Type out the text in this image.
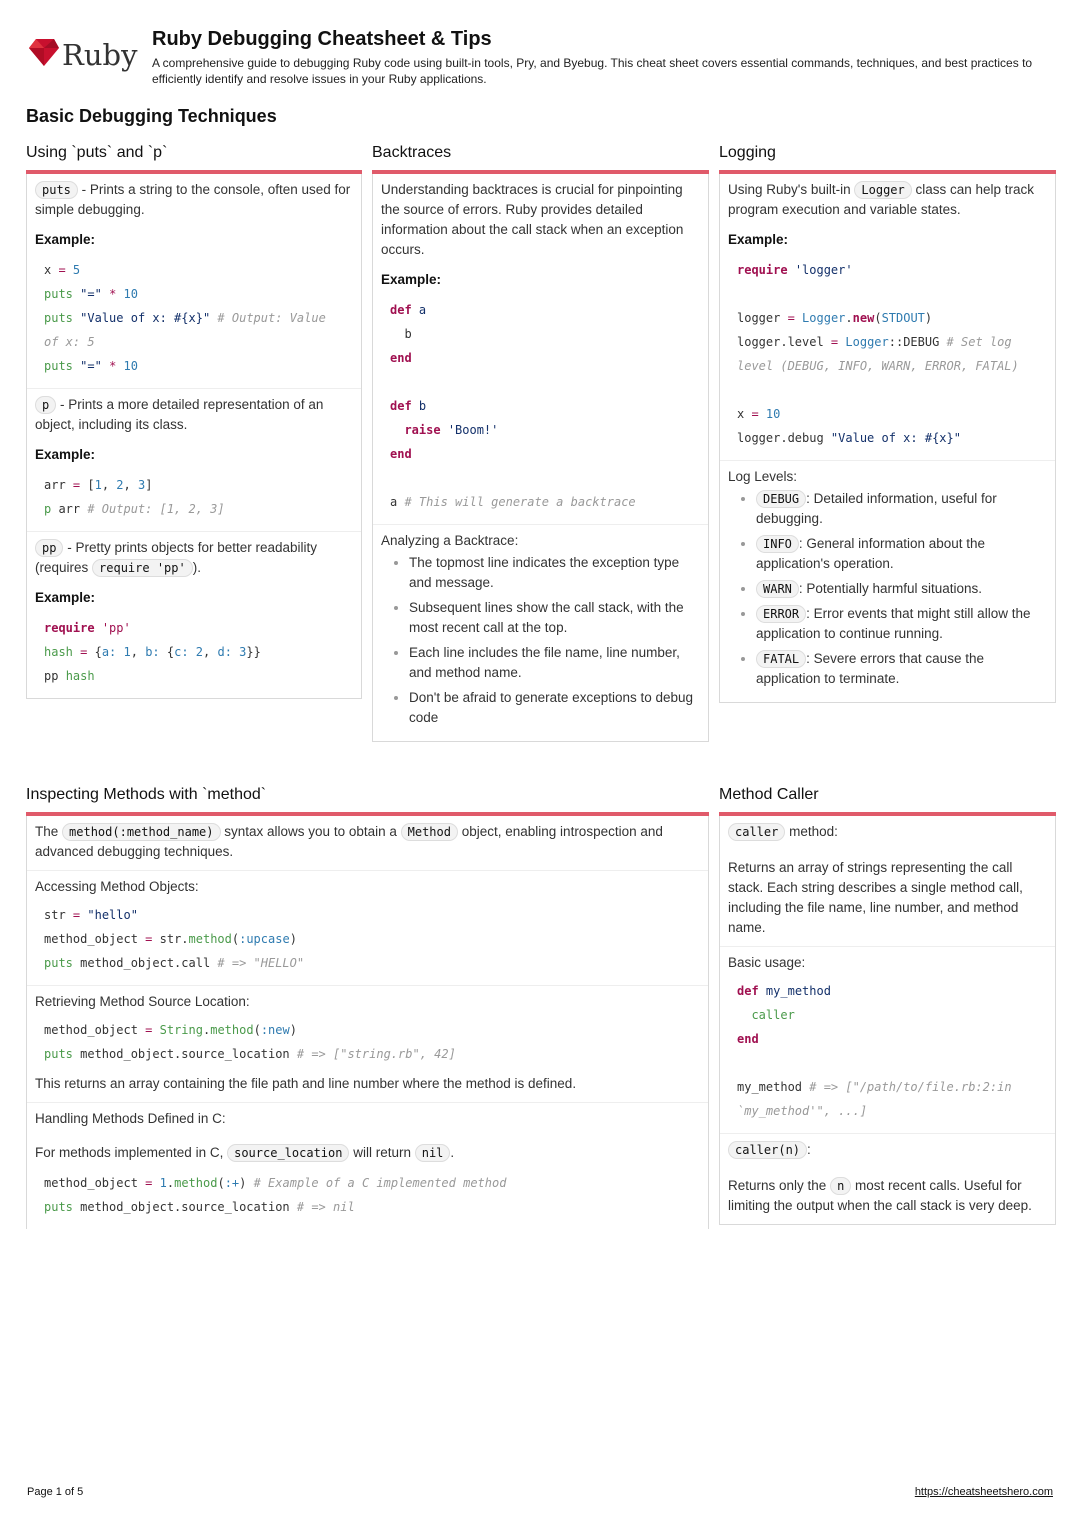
Ruby Ruby Debugging Cheatsheet & Tips
A comprehensive guide to debugging Ruby code using built-in tools, Pry, and Byebug. This cheat sheet covers essential commands, techniques, and best practices to efficiently identify and resolve issues in your Ruby applications.
Basic Debugging Techniques
Using `puts` and `p`
puts - Prints a string to the console, often used for simple debugging.
Example:
x = 5
puts "=" * 10
puts "Value of x: #{x}" # Output: Value
of x: 5
puts "=" * 10
p - Prints a more detailed representation of an object, including its class.
Example:
arr = [1, 2, 3]
p arr # Output: [1, 2, 3]
pp - Pretty prints objects for better readability (requires require 'pp' ).
Example:
require 'pp'
hash = {a: 1, b: {c: 2, d: 3}}
pp hash
Backtraces
Understanding backtraces is crucial for pinpointing the source of errors. Ruby provides detailed information about the call stack when an exception occurs.
Example:
def a
b
end

def b
raise 'Boom!'
end

a # This will generate a backtrace
Analyzing a Backtrace:
• The topmost line indicates the exception type and message.
• Subsequent lines show the call stack, with the most recent call at the top.
• Each line includes the file name, line number, and method name.
• Don't be afraid to generate exceptions to debug code
Logging
Using Ruby's built-in Logger class can help track program execution and variable states.
Example:
require 'logger'

logger = Logger.new(STDOUT)
logger.level = Logger::DEBUG # Set log
level (DEBUG, INFO, WARN, ERROR, FATAL)

x = 10
logger.debug "Value of x: #{x}"
Log Levels:
• DEBUG : Detailed information, useful for debugging.
• INFO : General information about the application's operation.
• WARN : Potentially harmful situations.
• ERROR : Error events that might still allow the application to continue running.
• FATAL : Severe errors that cause the application to terminate.
Inspecting Methods with `method`
The method(:method_name) syntax allows you to obtain a Method object, enabling introspection and advanced debugging techniques.
Accessing Method Objects:
str = "hello"
method_object = str.method(:upcase)
puts method_object.call # => "HELLO"
Retrieving Method Source Location:
method_object = String.method(:new)
puts method_object.source_location # => ["string.rb", 42]

This returns an array containing the file path and line number where the method is defined.
Handling Methods Defined in C:
For methods implemented in C, source_location will return nil .
method_object = 1.method(:+) # Example of a C implemented method
puts method_object.source_location # => nil
Method Caller
caller method:
Returns an array of strings representing the call stack. Each string describes a single method call, including the file name, line number, and method name.
Basic usage:
def my_method
caller
end

my_method # => ["/path/to/file.rb:2:in
`my_method'", ...]
caller(n) :
Returns only the n most recent calls. Useful for limiting the output when the call stack is very deep.
Page 1 of 5	https://cheatsheetshero.com
